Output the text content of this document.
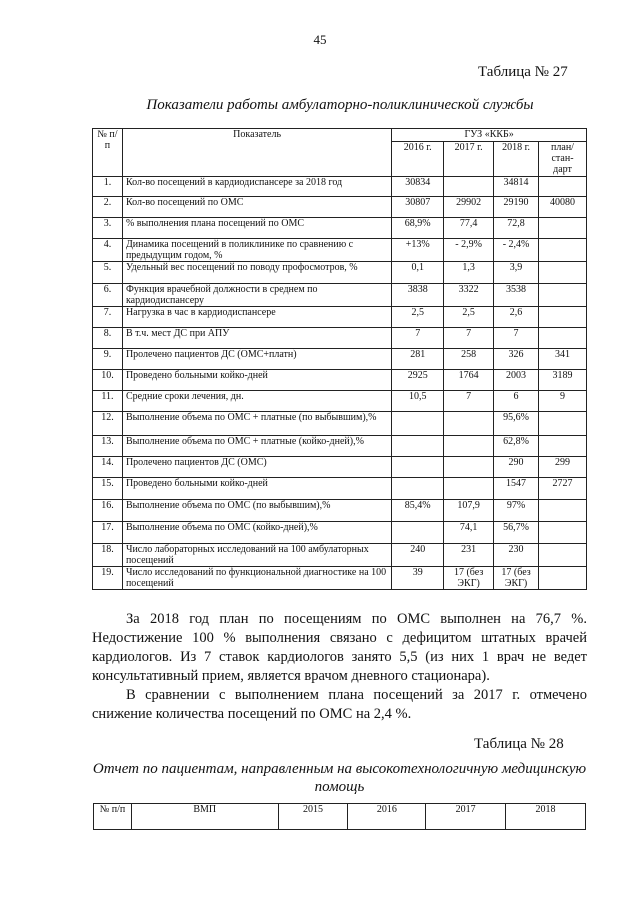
45
Таблица № 27
Показатели работы амбулаторно-поликлинической службы
№ п/п	Показатель	ГУЗ «ККБ»			
		2016 г.	2017 г.	2018 г.	план/ стан- дарт
1.	Кол-во посещений в кардиодиспансере за 2018 год	30834		34814	
2.	Кол-во посещений по ОМС	30807	29902	29190	40080
3.	% выполнения плана посещений по ОМС	68,9%	77,4	72,8	
4.	Динамика посещений в поликлинике по сравнению с предыдущим годом, %	+13%	- 2,9%	- 2,4%	
5.	Удельный вес посещений по поводу профосмотров, %	0,1	1,3	3,9	
6.	Функция врачебной должности в среднем по кардиодиспансеру	3838	3322	3538	
7.	Нагрузка в час в кардиодиспансере	2,5	2,5	2,6	
8.	В т.ч. мест ДС при АПУ	7	7	7	
9.	Пролечено пациентов ДС (ОМС+платн)	281	258	326	341
10.	Проведено больными койко-дней	2925	1764	2003	3189
11.	Средние сроки лечения, дн.	10,5	7	6	9
12.	Выполнение объема по ОМС + платные (по выбывшим),%			95,6%	
13.	Выполнение объема по ОМС + платные (койко-дней),%			62,8%	
14.	Пролечено пациентов ДС (ОМС)			290	299
15.	Проведено больными койко-дней			1547	2727
16.	Выполнение объема по ОМС (по выбывшим),%	85,4%	107,9	97%	
17.	Выполнение объема по ОМС (койко-дней),%		74,1	56,7%	
18.	Число лабораторных исследований на 100 амбулаторных посещений	240	231	230	
19.	Число исследований по функциональной диагностике на 100 посещений	39	17 (без ЭКГ)	17 (без ЭКГ)	

За 2018 год план по посещениям по ОМС выполнен на 76,7 %. Недостижение 100 % выполнения связано с дефицитом штатных врачей кардиологов. Из 7 ставок кардиологов занято 5,5 (из них 1 врач не ведет консультативный прием, является врачом дневного стационара).

В сравнении с выполнением плана посещений за 2017 г. отмечено снижение количества посещений по ОМС на 2,4 %.

Таблица № 28
Отчет по пациентам, направленным на высокотехнологичную медицинскую помощь
№ п/п	ВМП	2015	2016	2017	2018
